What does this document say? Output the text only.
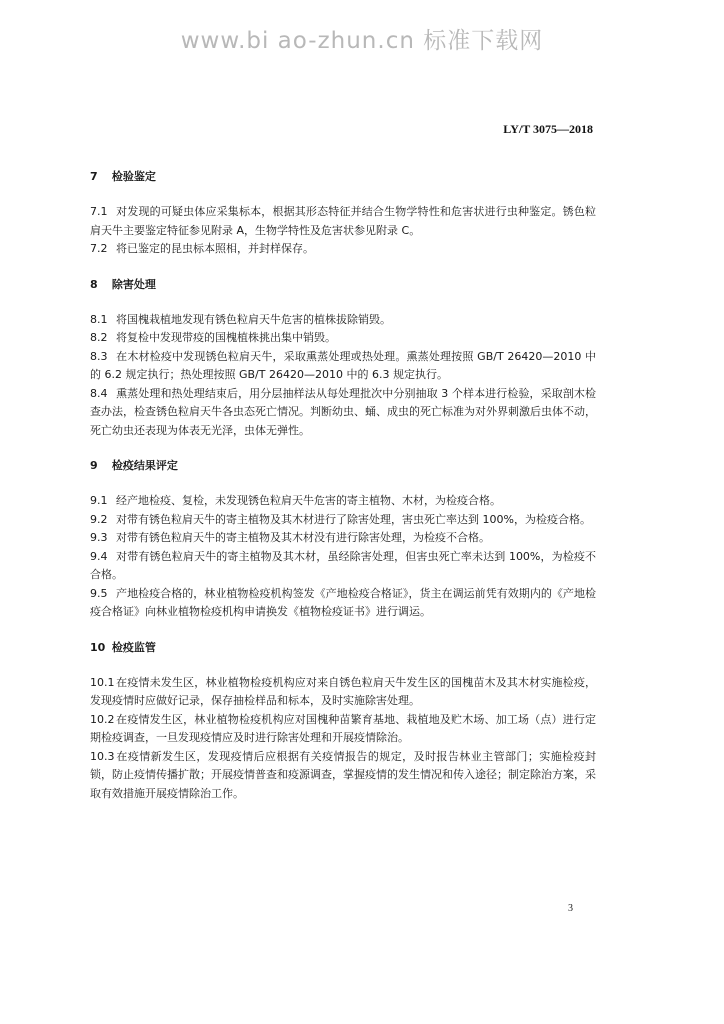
www.bi ao-zhun.cn 标准下载网
LY/T 3075—2018
7 检验鉴定

7.1 对发现的可疑虫体应采集标本，根据其形态特征并结合生物学特性和危害状进行虫种鉴定。锈色粒肩天牛主要鉴定特征参见附录 A，生物学特性及危害状参见附录 C。

7.2 将已鉴定的昆虫标本照相，并封样保存。

8 除害处理

8.1 将国槐栽植地发现有锈色粒肩天牛危害的植株拔除销毁。

8.2 将复检中发现带疫的国槐植株挑出集中销毁。

8.3 在木材检疫中发现锈色粒肩天牛，采取熏蒸处理或热处理。熏蒸处理按照 GB/T 26420—2010 中的 6.2 规定执行；热处理按照 GB/T 26420—2010 中的 6.3 规定执行。

8.4 熏蒸处理和热处理结束后，用分层抽样法从每处理批次中分别抽取 3 个样本进行检验，采取剖木检查办法，检查锈色粒肩天牛各虫态死亡情况。判断幼虫、蛹、成虫的死亡标准为对外界刺激后虫体不动，死亡幼虫还表现为体表无光泽，虫体无弹性。

9 检疫结果评定

9.1 经产地检疫、复检，未发现锈色粒肩天牛危害的寄主植物、木材，为检疫合格。

9.2 对带有锈色粒肩天牛的寄主植物及其木材进行了除害处理，害虫死亡率达到 100%，为检疫合格。

9.3 对带有锈色粒肩天牛的寄主植物及其木材没有进行除害处理，为检疫不合格。

9.4 对带有锈色粒肩天牛的寄主植物及其木材，虽经除害处理，但害虫死亡率未达到 100%，为检疫不合格。

9.5 产地检疫合格的，林业植物检疫机构签发《产地检疫合格证》，货主在调运前凭有效期内的《产地检疫合格证》向林业植物检疫机构申请换发《植物检疫证书》进行调运。

10 检疫监管

10.1 在疫情未发生区，林业植物检疫机构应对来自锈色粒肩天牛发生区的国槐苗木及其木材实施检疫，发现疫情时应做好记录，保存抽检样品和标本，及时实施除害处理。

10.2 在疫情发生区，林业植物检疫机构应对国槐种苗繁育基地、栽植地及贮木场、加工场（点）进行定期检疫调查，一旦发现疫情应及时进行除害处理和开展疫情除治。

10.3 在疫情新发生区，发现疫情后应根据有关疫情报告的规定，及时报告林业主管部门；实施检疫封锁，防止疫情传播扩散；开展疫情普查和疫源调查，掌握疫情的发生情况和传入途径；制定除治方案，采取有效措施开展疫情除治工作。

3
